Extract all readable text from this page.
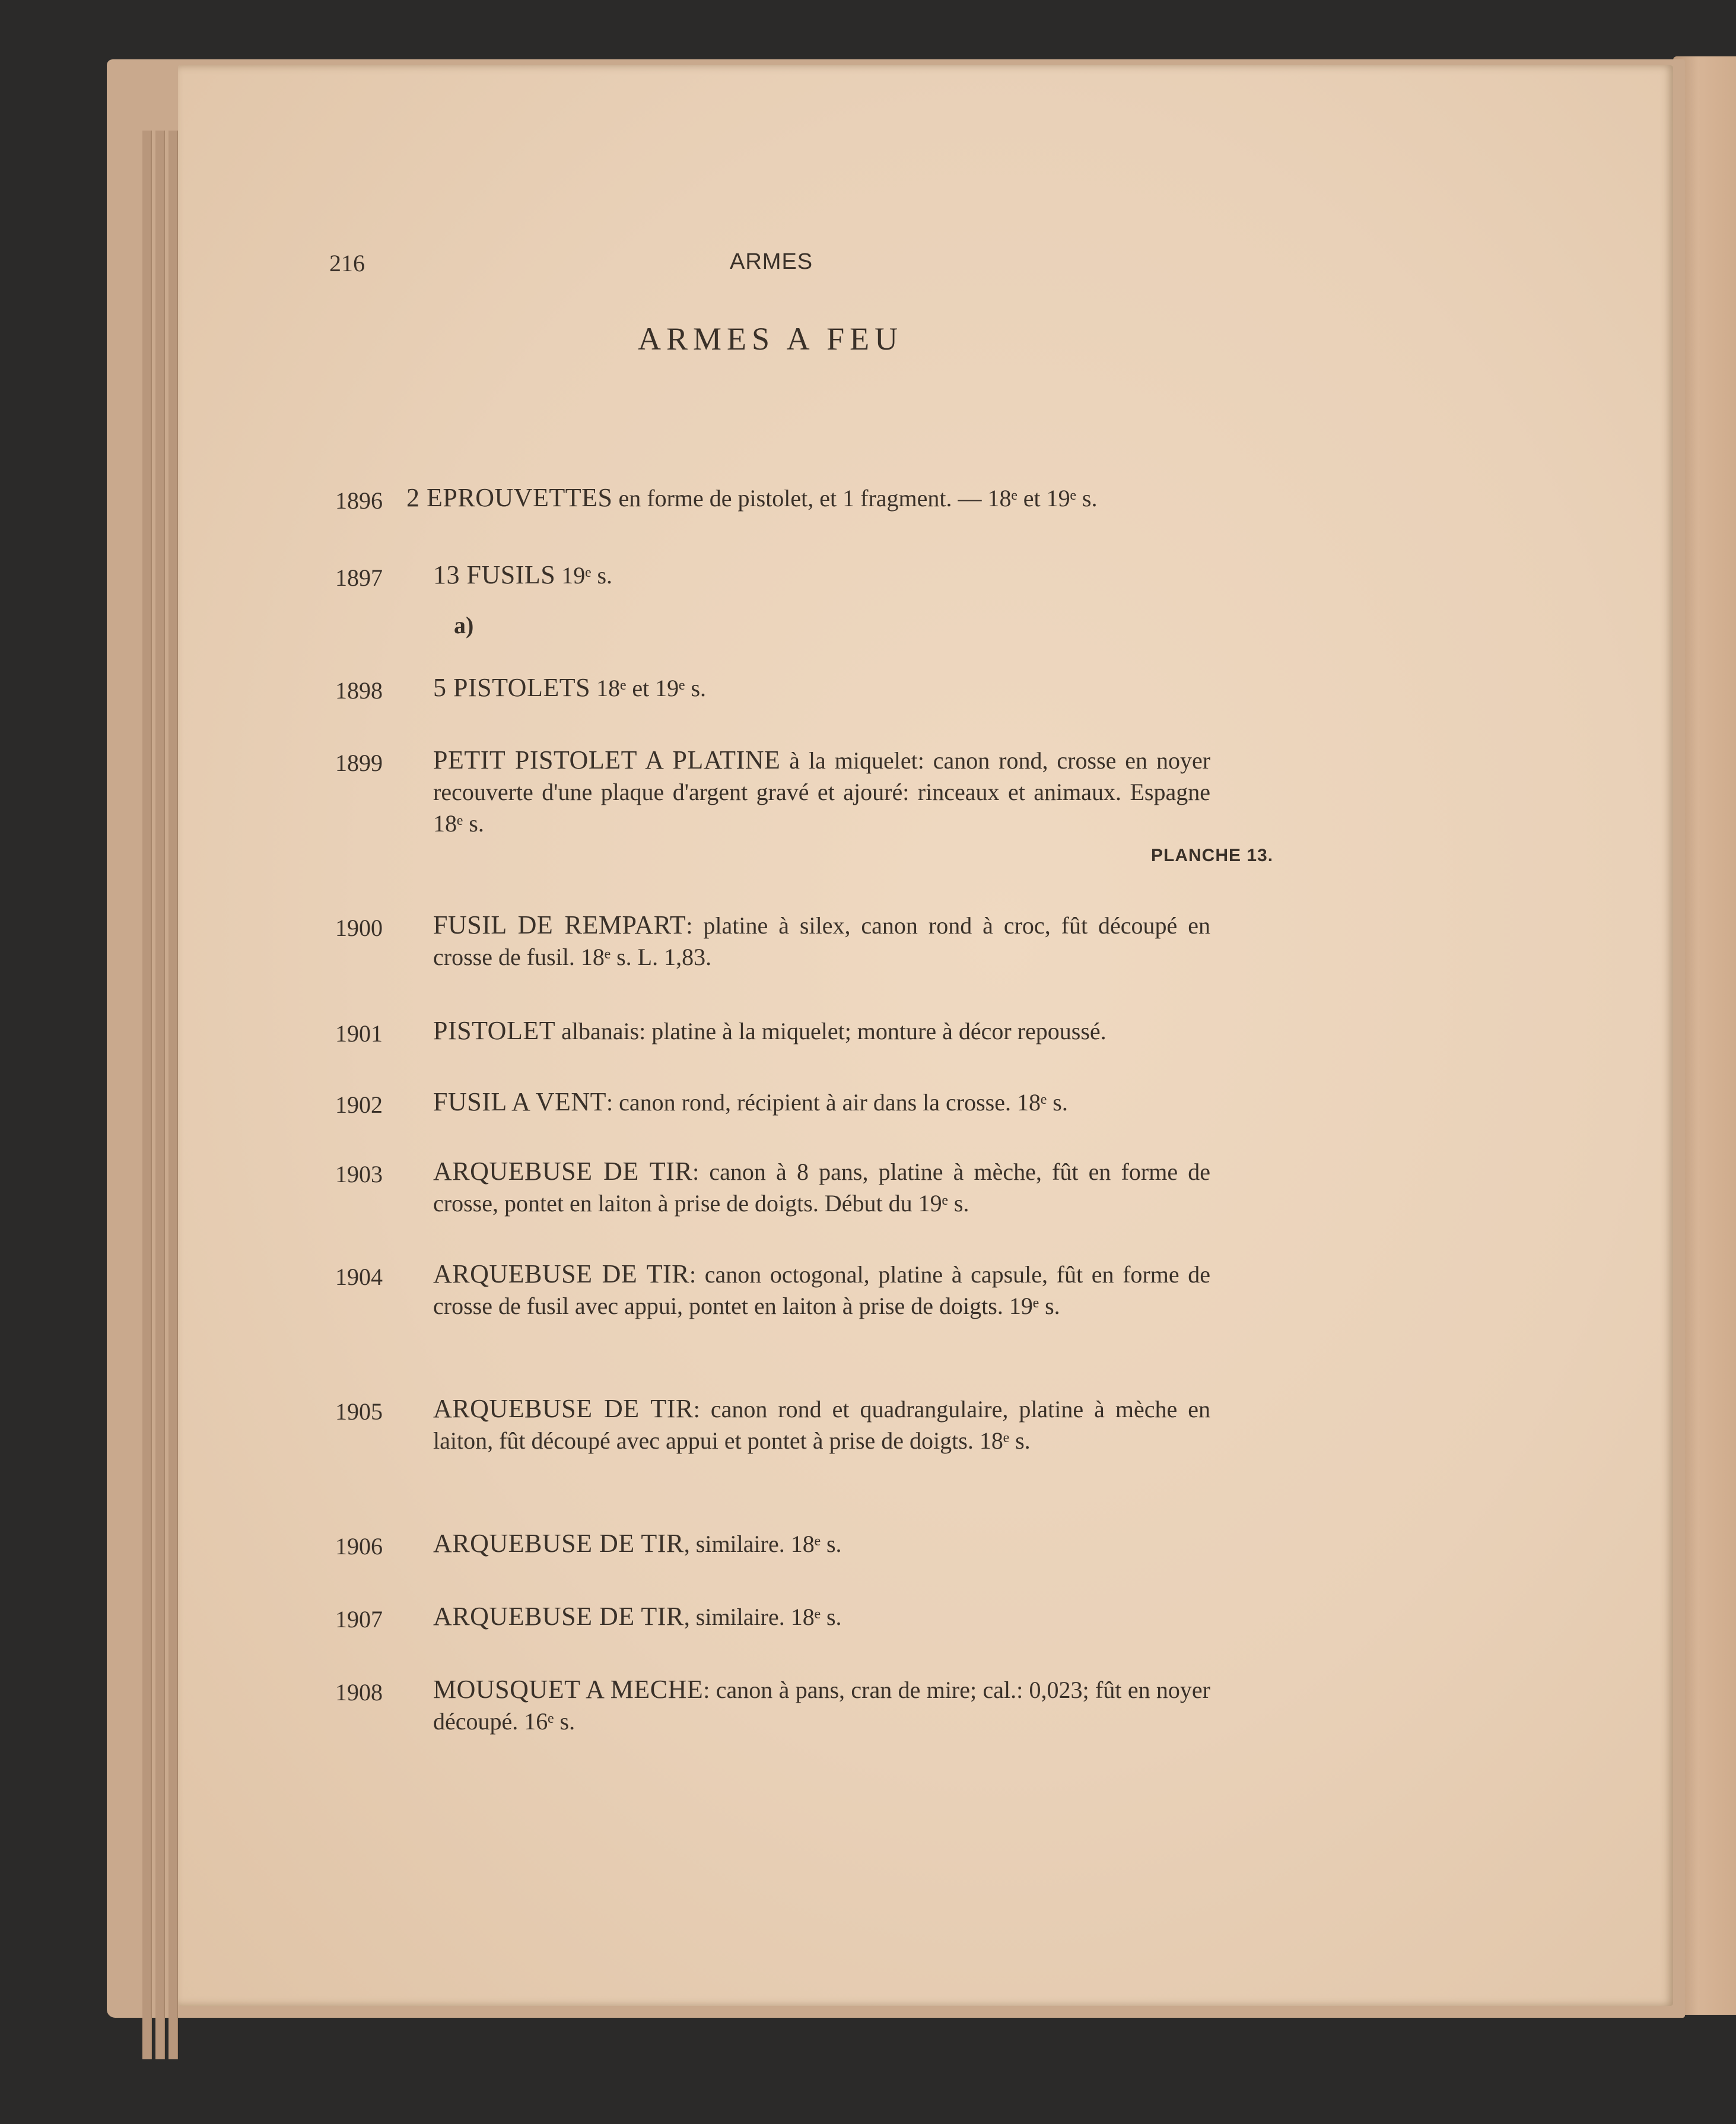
216	ARMES
ARMES A FEU
1896 2 EPROUVETTES en forme de pistolet, et 1 fragment. — 18ᵉ et 19ᵉ s.
1897 13 FUSILS 19ᵉ s.
a)
1898 5 PISTOLETS 18ᵉ et 19ᵉ s.
1899 PETIT PISTOLET A PLATINE à la miquelet: canon rond, crosse en noyer recouverte d'une plaque d'argent gravé et ajouré: rinceaux et animaux. Espagne 18ᵉ s.
PLANCHE 13.
1900 FUSIL DE REMPART: platine à silex, canon rond à croc, fût découpé en crosse de fusil. 18ᵉ s. L. 1,83.
1901 PISTOLET albanais: platine à la miquelet; monture à décor repoussé.
1902 FUSIL A VENT: canon rond, récipient à air dans la crosse. 18ᵉ s.
1903 ARQUEBUSE DE TIR: canon à 8 pans, platine à mèche, fût en forme de crosse, pontet en laiton à prise de doigts. Début du 19ᵉ s.
1904 ARQUEBUSE DE TIR: canon octogonal, platine à capsule, fût en forme de crosse de fusil avec appui, pontet en laiton à prise de doigts. 19ᵉ s.
1905 ARQUEBUSE DE TIR: canon rond et quadrangulaire, platine à mèche en laiton, fût découpé avec appui et pontet à prise de doigts. 18ᵉ s.
1906 ARQUEBUSE DE TIR, similaire. 18ᵉ s.
1907 ARQUEBUSE DE TIR, similaire. 18ᵉ s.
1908 MOUSQUET A MECHE: canon à pans, cran de mire; cal.: 0,023; fût en noyer découpé. 16ᵉ s.
